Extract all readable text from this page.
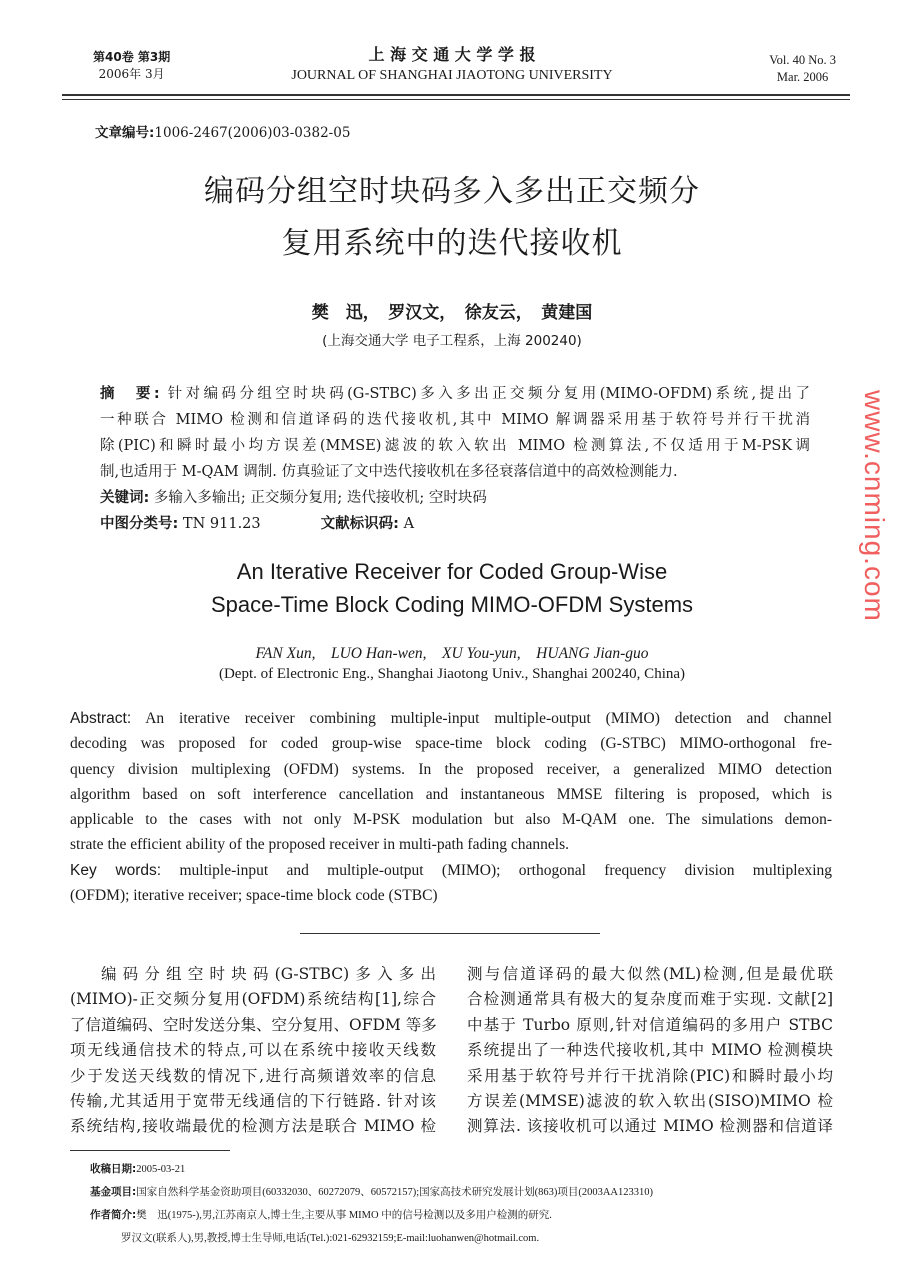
第40卷 第3期
2006年 3月
上 海 交 通 大 学 学 报
JOURNAL OF SHANGHAI JIAOTONG UNIVERSITY
Vol. 40 No. 3
Mar. 2006
文章编号:1006-2467(2006)03-0382-05
编码分组空时块码多入多出正交频分
复用系统中的迭代接收机
樊　迅，　罗汉文，　徐友云，　黄建国
(上海交通大学 电子工程系，上海 200240)
摘　要: 针对编码分组空时块码(G-STBC)多入多出正交频分复用(MIMO-OFDM)系统,提出了
一种联合 MIMO 检测和信道译码的迭代接收机,其中 MIMO 解调器采用基于软符号并行干扰消
除(PIC)和瞬时最小均方误差(MMSE)滤波的软入软出 MIMO 检测算法,不仅适用于M-PSK调
制,也适用于 M-QAM 调制. 仿真验证了文中迭代接收机在多径衰落信道中的高效检测能力.
关键词: 多输入多输出; 正交频分复用; 迭代接收机; 空时块码
中图分类号: TN 911.23	文献标识码: A
An Iterative Receiver for Coded Group-Wise
Space-Time Block Coding MIMO-OFDM Systems
FAN Xun,　LUO Han-wen,　XU You-yun,　HUANG Jian-guo
(Dept. of Electronic Eng., Shanghai Jiaotong Univ., Shanghai 200240, China)
Abstract: An iterative receiver combining multiple-input multiple-output (MIMO) detection and channel
decoding was proposed for coded group-wise space-time block coding (G-STBC) MIMO-orthogonal fre-
quency division multiplexing (OFDM) systems. In the proposed receiver, a generalized MIMO detection
algorithm based on soft interference cancellation and instantaneous MMSE filtering is proposed, which is
applicable to the cases with not only M-PSK modulation but also M-QAM one. The simulations demon-
strate the efficient ability of the proposed receiver in multi-path fading channels.
Key words: multiple-input and multiple-output (MIMO); orthogonal frequency division multiplexing
(OFDM); iterative receiver; space-time block code (STBC)
编码分组空时块码(G-STBC)多入多出
(MIMO)-正交频分复用(OFDM)系统结构[1],综合
了信道编码、空时发送分集、空分复用、OFDM 等多
项无线通信技术的特点,可以在系统中接收天线数
少于发送天线数的情况下,进行高频谱效率的信息
传输,尤其适用于宽带无线通信的下行链路. 针对该
系统结构,接收端最优的检测方法是联合 MIMO 检
测与信道译码的最大似然(ML)检测,但是最优联
合检测通常具有极大的复杂度而难于实现. 文献[2]
中基于 Turbo 原则,针对信道编码的多用户 STBC
系统提出了一种迭代接收机,其中 MIMO 检测模块
采用基于软符号并行干扰消除(PIC)和瞬时最小均
方误差(MMSE)滤波的软入软出(SISO)MIMO 检
测算法. 该接收机可以通过 MIMO 检测器和信道译
收稿日期:2005-03-21
基金项目:国家自然科学基金资助项目(60332030、60272079、60572157);国家高技术研究发展计划(863)项目(2003AA123310)
作者简介:樊　迅(1975-),男,江苏南京人,博士生,主要从事 MIMO 中的信号检测以及多用户检测的研究.
罗汉文(联系人),男,教授,博士生导师,电话(Tel.):021-62932159;E-mail:luohanwen@hotmail.com.
www.cnming.com
